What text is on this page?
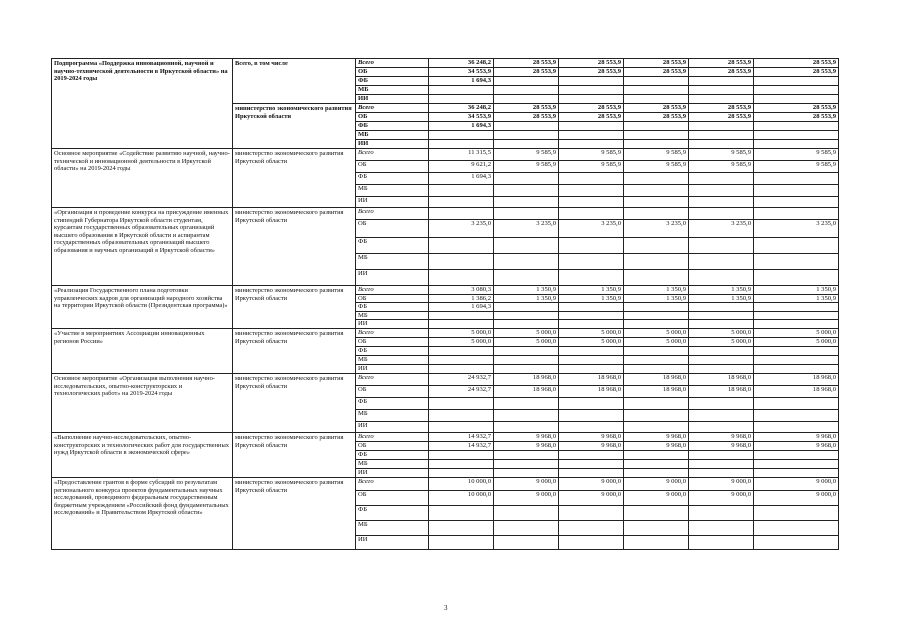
Подпрограмма «Поддержка инновационной, научной и научно-технической деятельности в Иркутской области» на 2019-2024 годы	Всего, в том числе	Всего	36 248,2	28 553,9	28 553,9	28 553,9	28 553,9	28 553,9
		ОБ	34 553,9	28 553,9	28 553,9	28 553,9	28 553,9	28 553,9
		ФБ	1 694,3					
		МБ						
		ИИ						
	министерство экономического развития Иркутской области	Всего	36 248,2	28 553,9	28 553,9	28 553,9	28 553,9	28 553,9
		ОБ	34 553,9	28 553,9	28 553,9	28 553,9	28 553,9	28 553,9
		ФБ	1 694,3					
		МБ						
		ИИ						
Основное мероприятие «Содействие развитию научной, научно-технической и инновационной деятельности в Иркутской области» на 2019-2024 годы	министерство экономического развития Иркутской области	Всего	11 315,5	9 585,9	9 585,9	9 585,9	9 585,9	9 585,9
		ОБ	9 621,2	9 585,9	9 585,9	9 585,9	9 585,9	9 585,9
		ФБ	1 694,3					
		МБ						
		ИИ						
«Организация и проведение конкурса на присуждение именных стипендий Губернатора Иркутской области студентам, курсантам государственных образовательных организаций высшего образования в Иркутской области и аспирантам государственных образовательных организаций высшего образования и научных организаций в Иркутской области»	министерство экономического развития Иркутской области	Всего						
		ОБ	3 235,0	3 235,0	3 235,0	3 235,0	3 235,0	3 235,0
		ФБ						
		МБ						
		ИИ						
«Реализация Государственного плана подготовки управленческих кадров для организаций народного хозяйства на территории Иркутской области (Президентская программа)»	министерство экономического развития Иркутской области	Всего	3 080,3	1 350,9	1 350,9	1 350,9	1 350,9	1 350,9
		ОБ	1 386,2	1 350,9	1 350,9	1 350,9	1 350,9	1 350,9
		ФБ	1 694,3					
		МБ						
		ИИ						
«Участие в мероприятиях Ассоциации инновационных регионов России»	министерство экономического развития Иркутской области	Всего	5 000,0	5 000,0	5 000,0	5 000,0	5 000,0	5 000,0
		ОБ	5 000,0	5 000,0	5 000,0	5 000,0	5 000,0	5 000,0
		ФБ						
		МБ						
		ИИ						
Основное мероприятие «Организация выполнения научно-исследовательских, опытно-конструкторских и технологических работ» на 2019-2024 годы	министерство экономического развития Иркутской области	Всего	24 932,7	18 968,0	18 968,0	18 968,0	18 968,0	18 968,0
		ОБ	24 932,7	18 968,0	18 968,0	18 968,0	18 968,0	18 968,0
		ФБ						
		МБ						
		ИИ						
«Выполнение научно-исследовательских, опытно-конструкторских и технологических работ для государственных нужд Иркутской области в экономической сфере»	министерство экономического развития Иркутской области	Всего	14 932,7	9 968,0	9 968,0	9 968,0	9 968,0	9 968,0
		ОБ	14 932,7	9 968,0	9 968,0	9 968,0	9 968,0	9 968,0
		ФБ						
		МБ						
		ИИ						
«Предоставление грантов в форме субсидий по результатам регионального конкурса проектов фундаментальных научных исследований, проводимого федеральным государственным бюджетным учреждением «Российский фонд фундаментальных исследований» и Правительством Иркутской области»	министерство экономического развития Иркутской области	Всего	10 000,0	9 000,0	9 000,0	9 000,0	9 000,0	9 000,0
		ОБ	10 000,0	9 000,0	9 000,0	9 000,0	9 000,0	9 000,0
		ФБ						
		МБ						
		ИИ						
3
